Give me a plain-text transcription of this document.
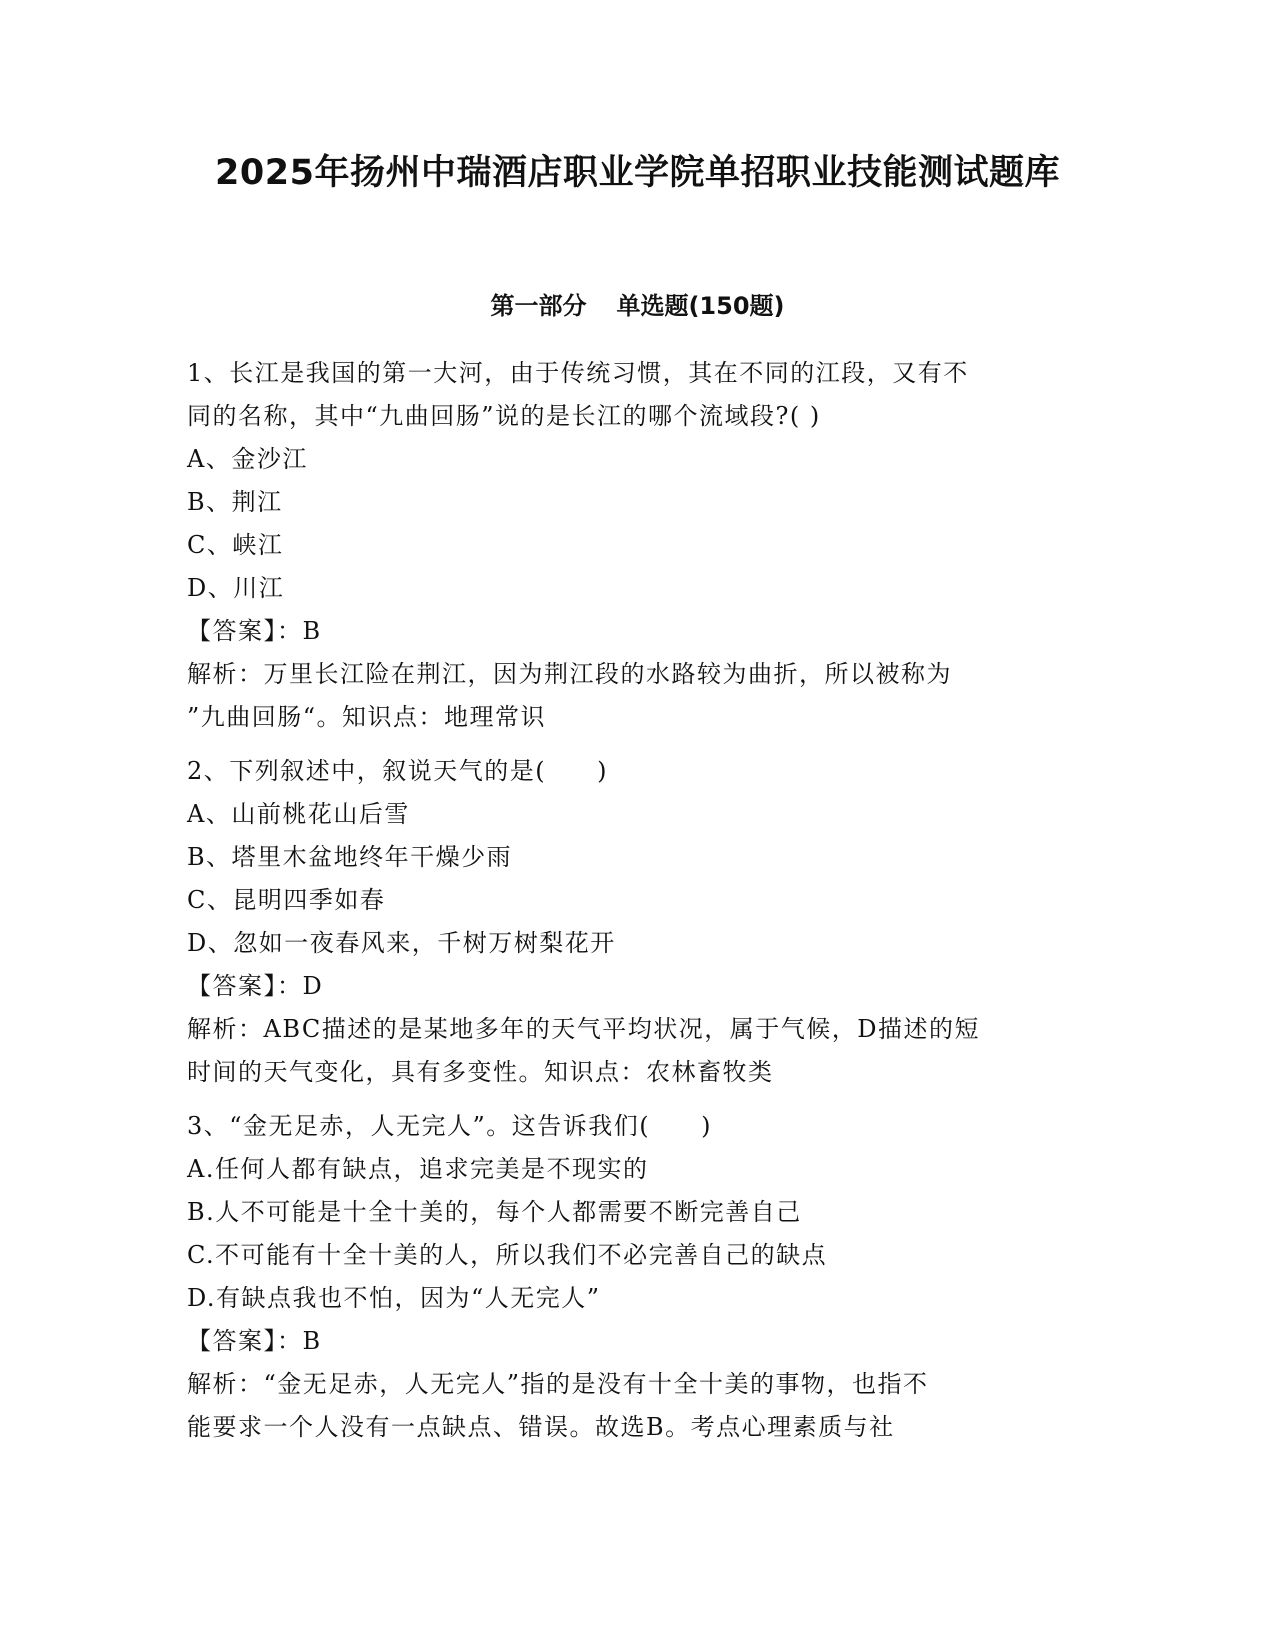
2025年扬州中瑞酒店职业学院单招职业技能测试题库
第一部分 单选题(150题)
1、长江是我国的第一大河，由于传统习惯，其在不同的江段，又有不
同的名称，其中“九曲回肠”说的是长江的哪个流域段?( )
A、金沙江
B、荆江
C、峡江
D、川江
【答案】：B
解析：万里长江险在荆江，因为荆江段的水路较为曲折，所以被称为
”九曲回肠“。知识点：地理常识
2、下列叙述中，叙说天气的是(　　)
A、山前桃花山后雪
B、塔里木盆地终年干燥少雨
C、昆明四季如春
D、忽如一夜春风来，千树万树梨花开
【答案】：D
解析：ABC描述的是某地多年的天气平均状况，属于气候，D描述的短
时间的天气变化，具有多变性。知识点：农林畜牧类
3、“金无足赤，人无完人”。这告诉我们(　　)
A.任何人都有缺点，追求完美是不现实的
B.人不可能是十全十美的，每个人都需要不断完善自己
C.不可能有十全十美的人，所以我们不必完善自己的缺点
D.有缺点我也不怕，因为“人无完人”
【答案】：B
解析：“金无足赤，人无完人”指的是没有十全十美的事物，也指不
能要求一个人没有一点缺点、错误。故选B。考点心理素质与社
